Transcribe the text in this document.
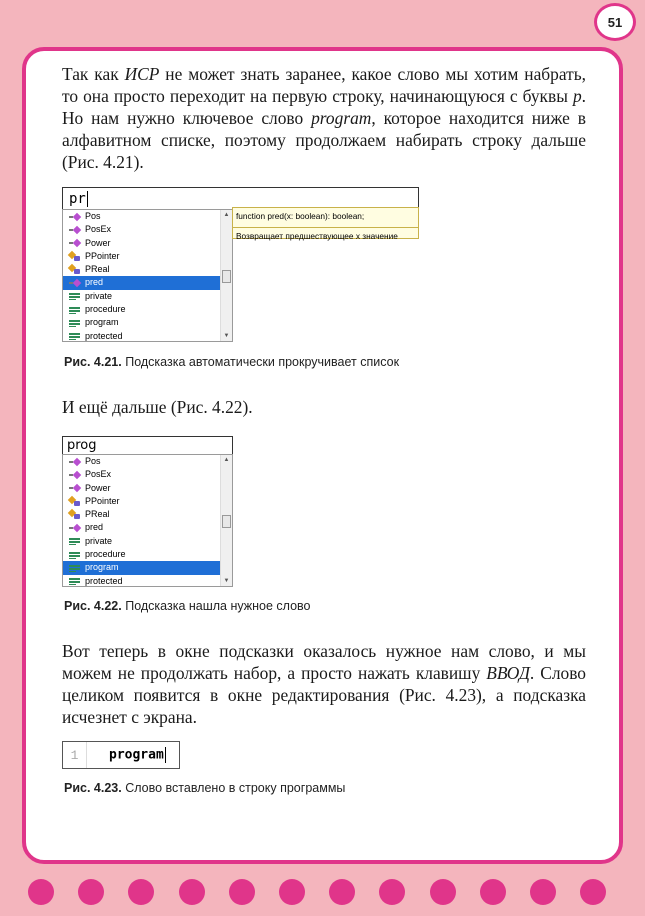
51

Так как ИСР не может знать заранее, какое слово мы хотим набрать, то она просто переходит на первую строку, начинающуюся с буквы р. Но нам нужно ключевое слово program, которое находится ниже в алфавитном списке, поэтому продолжаем набирать строку дальше (Рис. 4.21).

pr
Pos
PosEx
Power
PPointer
PReal
pred
private
procedure
program
protected
▲
▼
function pred(x: boolean): boolean;
Возвращает предшествующее x значение
Рис. 4.21. Подсказка автоматически прокручивает список

И ещё дальше (Рис. 4.22).

prog
Pos
PosEx
Power
PPointer
PReal
pred
private
procedure
program
protected
▲
▼
Рис. 4.22. Подсказка нашла нужное слово

Вот теперь в окне подсказки оказалось нужное нам слово, и мы можем не продолжать набор, а просто нажать клавишу ВВОД. Слово целиком появится в окне редактирования (Рис. 4.23), а подсказка исчезнет с экрана.

1	program
Рис. 4.23. Слово вставлено в строку программы
